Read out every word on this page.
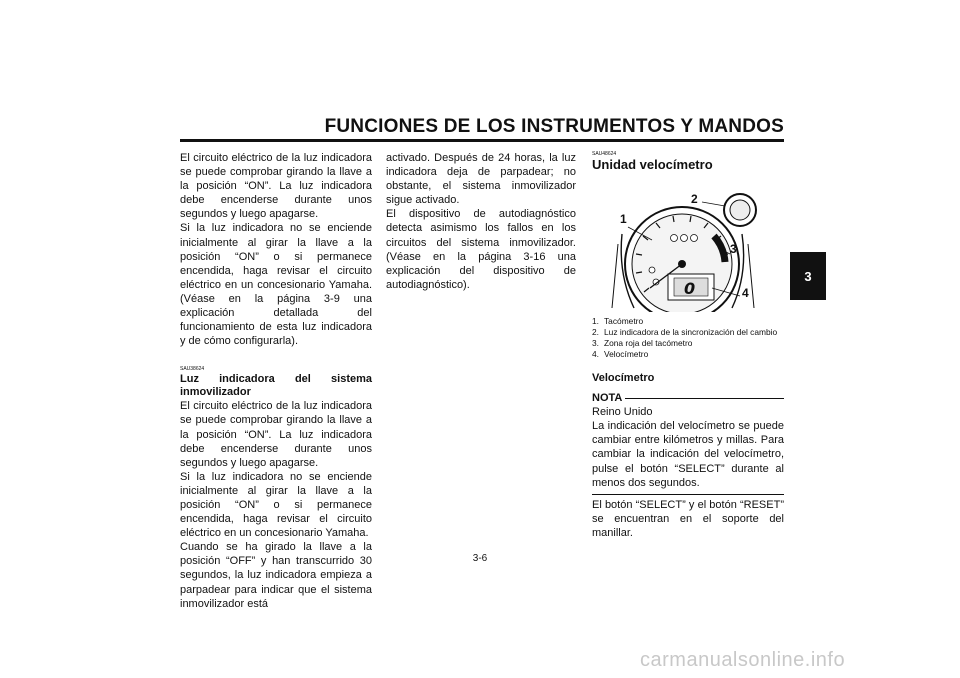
FUNCIONES DE LOS INSTRUMENTOS Y MANDOS
3

El circuito eléctrico de la luz indicadora se puede comprobar girando la llave a la posición “ON”. La luz indicadora debe encenderse durante unos segundos y luego apagarse.

Si la luz indicadora no se enciende inicialmente al girar la llave a la posición “ON” o si permanece encendida, haga revisar el circuito eléctrico en un concesionario Yamaha. (Véase en la página 3-9 una explicación detallada del funcionamiento de esta luz indicadora y de cómo configurarla).

SAU38624

Luz indicadora del sistema inmovilizador

El circuito eléctrico de la luz indicadora se puede comprobar girando la llave a la posición “ON”. La luz indicadora debe encenderse durante unos segundos y luego apagarse.

Si la luz indicadora no se enciende inicialmente al girar la llave a la posición “ON” o si permanece encendida, haga revisar el circuito eléctrico en un concesionario Yamaha.

Cuando se ha girado la llave a la posición “OFF” y han transcurrido 30 segundos, la luz indicadora empieza a parpadear para indicar que el sistema inmovilizador está

activado. Después de 24 horas, la luz indicadora deja de parpadear; no obstante, el sistema inmovilizador sigue activado.

El dispositivo de autodiagnóstico detecta asimismo los fallos en los circuitos del sistema inmovilizador. (Véase en la página 3-16 una explicación del dispositivo de autodiagnóstico).

SAU48624

Unidad velocímetro

0
1
2
3
4
1. Tacómetro
2. Luz indicadora de la sincronización del cambio
3. Zona roja del tacómetro
4. Velocímetro

Velocímetro

NOTA

Reino Unido

La indicación del velocímetro se puede cambiar entre kilómetros y millas. Para cambiar la indicación del velocímetro, pulse el botón “SELECT” durante al menos dos segundos.

El botón “SELECT” y el botón “RESET” se encuentran en el soporte del manillar.

3-6
carmanualsonline.info
